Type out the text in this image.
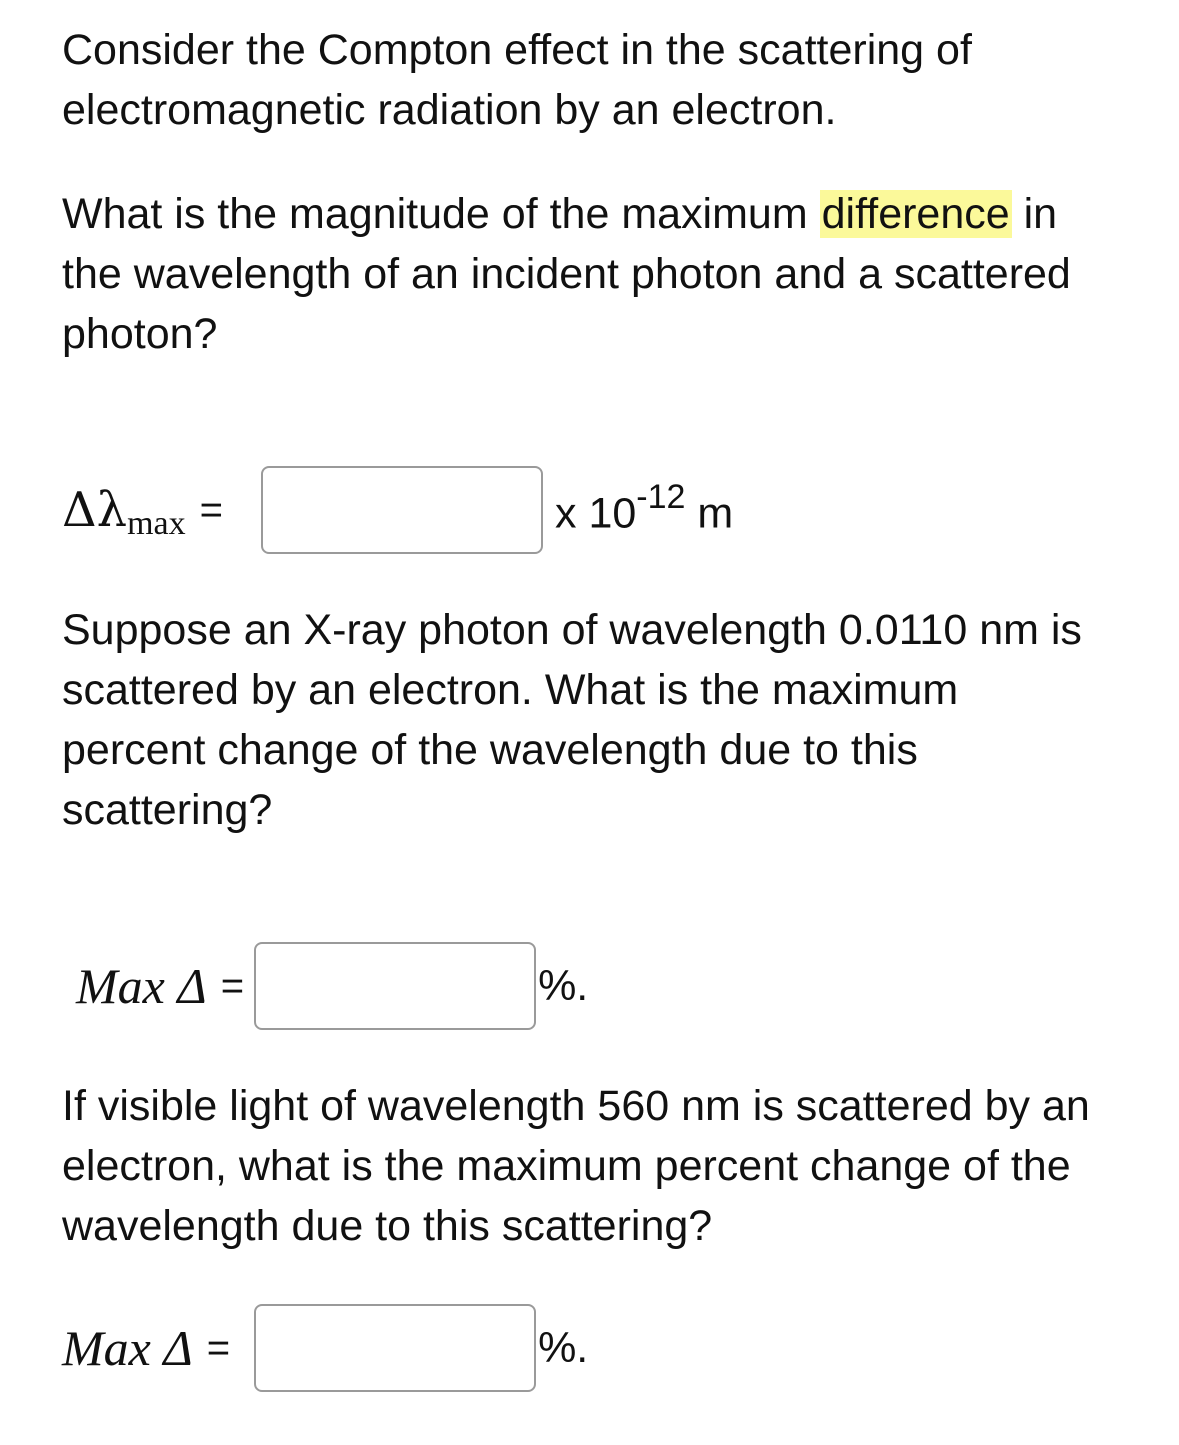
Consider the Compton effect in the scattering of
electromagnetic radiation by an electron.

What is the magnitude of the maximum difference in the wavelength of an incident photon and a scattered photon?

Δλ max =	x $10^{-12}$ m

Suppose an X-ray photon of wavelength 0.0110 nm is scattered by an electron. What is the maximum percent change of the wavelength due to this scattering?

Max Δ =	%.

If visible light of wavelength 560 nm is scattered by an electron, what is the maximum percent change of the wavelength due to this scattering?

Max Δ =	%.
